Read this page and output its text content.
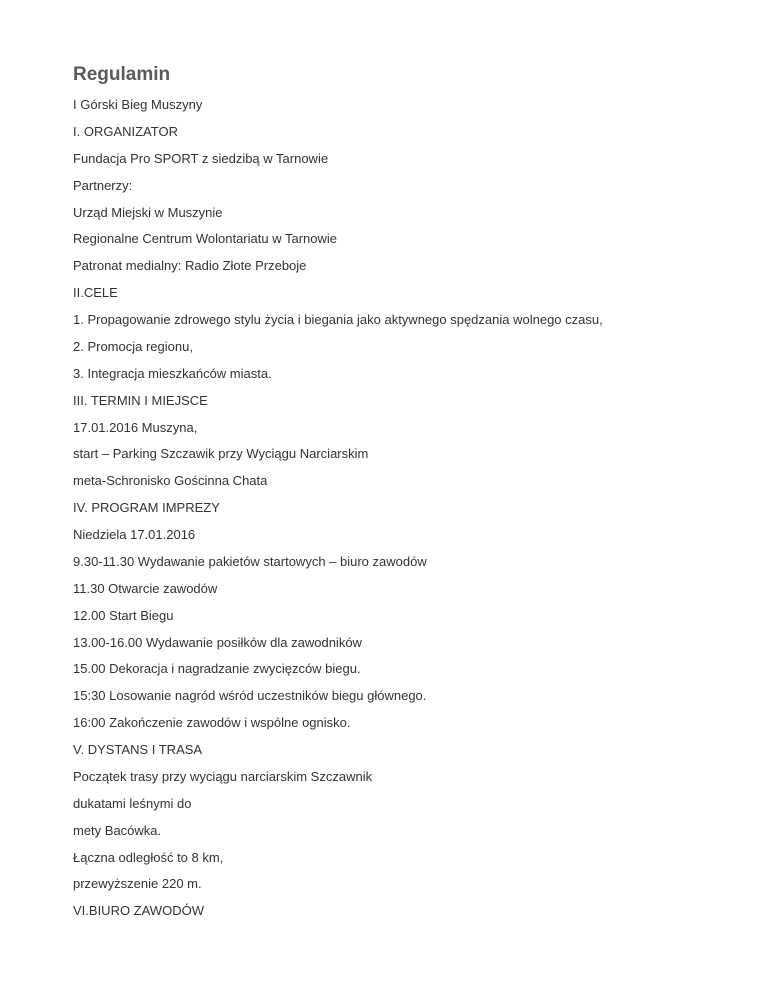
Regulamin
I Górski Bieg Muszyny
I. ORGANIZATOR
Fundacja Pro SPORT z siedzibą w Tarnowie
Partnerzy:
Urząd Miejski w Muszynie
Regionalne Centrum Wolontariatu w Tarnowie
Patronat medialny: Radio Złote Przeboje
II.CELE
1. Propagowanie zdrowego stylu życia i biegania jako aktywnego spędzania wolnego czasu,
2. Promocja regionu,
3. Integracja mieszkańców miasta.
III. TERMIN I MIEJSCE
17.01.2016 Muszyna,
start – Parking Szczawik przy Wyciągu Narciarskim
meta-Schronisko Gościnna Chata
IV. PROGRAM IMPREZY
Niedziela 17.01.2016
9.30-11.30 Wydawanie pakietów startowych – biuro zawodów
11.30 Otwarcie zawodów
12.00 Start Biegu
13.00-16.00 Wydawanie posiłków dla zawodników
15.00 Dekoracja i nagradzanie zwycięzców biegu.
15:30 Losowanie nagród wśród uczestników biegu głównego.
16:00 Zakończenie zawodów i wspólne ognisko.
V. DYSTANS I TRASA
Początek trasy przy wyciągu narciarskim Szczawnik
dukatami leśnymi do
mety Bacówka.
Łączna odległość to 8 km,
przewyższenie 220 m.
VI.BIURO ZAWODÓW
